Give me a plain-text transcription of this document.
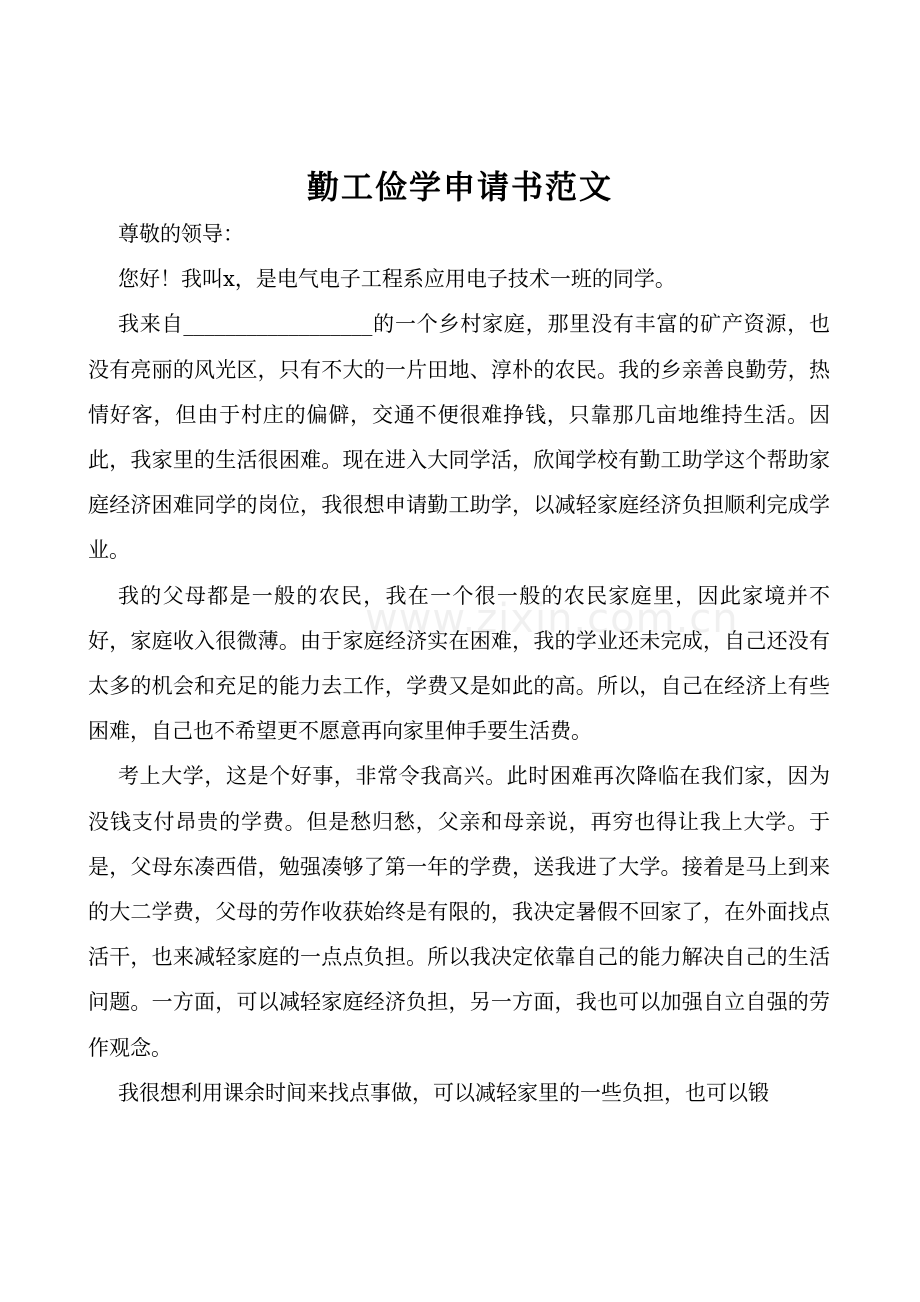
勤工俭学申请书范文

尊敬的领导：

您好！我叫x，是电气电子工程系应用电子技术一班的同学。

我来自__________________的一个乡村家庭，那里没有丰富的矿产资源，也没有亮丽的风光区，只有不大的一片田地、淳朴的农民。我的乡亲善良勤劳，热情好客，但由于村庄的偏僻，交通不便很难挣钱，只靠那几亩地维持生活。因此，我家里的生活很困难。现在进入大同学活，欣闻学校有勤工助学这个帮助家庭经济困难同学的岗位，我很想申请勤工助学，以减轻家庭经济负担顺利完成学业。

我的父母都是一般的农民，我在一个很一般的农民家庭里，因此家境并不好，家庭收入很微薄。由于家庭经济实在困难，我的学业还未完成，自己还没有太多的机会和充足的能力去工作，学费又是如此的高。所以，自己在经济上有些困难，自己也不希望更不愿意再向家里伸手要生活费。

考上大学，这是个好事，非常令我高兴。此时困难再次降临在我们家，因为没钱支付昂贵的学费。但是愁归愁，父亲和母亲说，再穷也得让我上大学。于是，父母东凑西借，勉强凑够了第一年的学费，送我进了大学。接着是马上到来的大二学费，父母的劳作收获始终是有限的，我决定暑假不回家了，在外面找点活干，也来减轻家庭的一点点负担。所以我决定依靠自己的能力解决自己的生活问题。一方面，可以减轻家庭经济负担，另一方面，我也可以加强自立自强的劳作观念。

我很想利用课余时间来找点事做，可以减轻家里的一些负担，也可以锻

www.zixin.com.cn
